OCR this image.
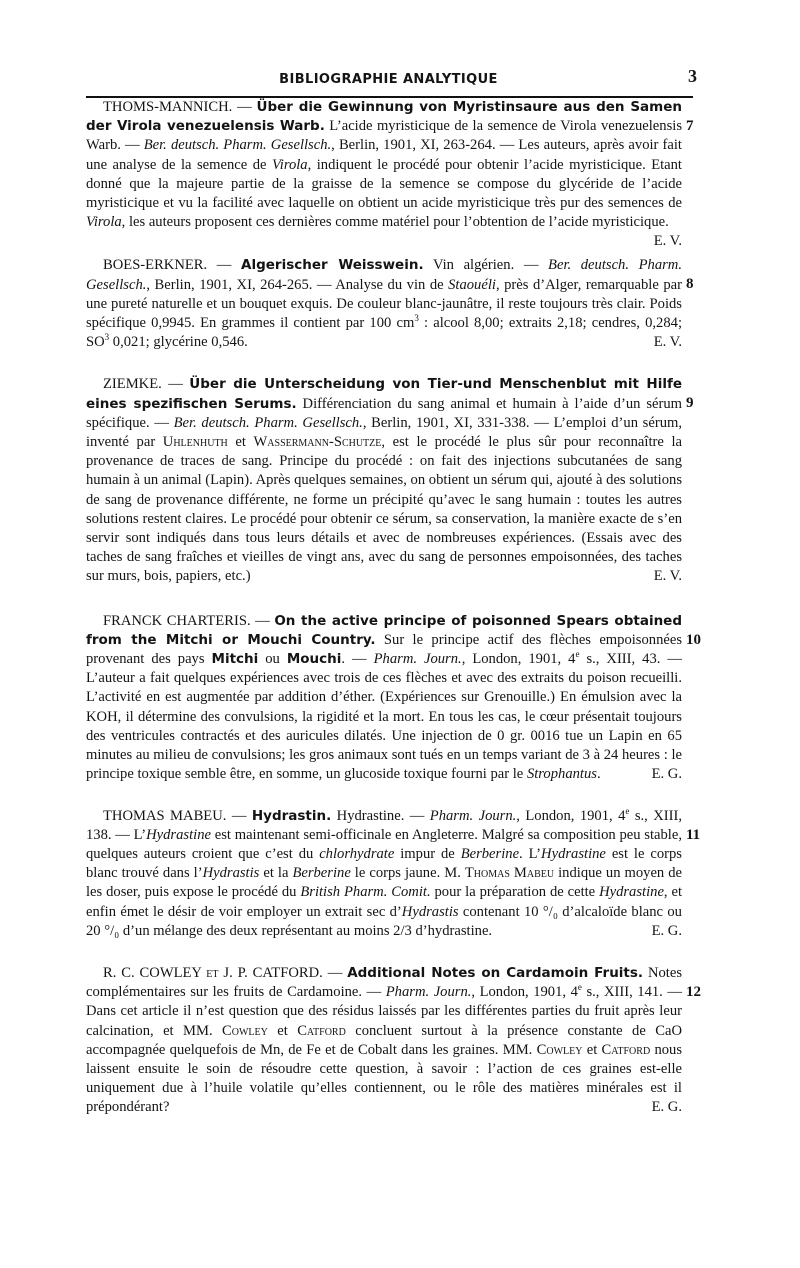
BIBLIOGRAPHIE ANALYTIQUE	3
7

THOMS-MANNICH. — Über die Gewinnung von Myristinsaure aus den Samen der Virola venezuelensis Warb. L’acide myristicique de la semence de Virola venezuelensis Warb. — Ber. deutsch. Pharm. Gesellsch., Berlin, 1901, XI, 263-264. — Les auteurs, après avoir fait une analyse de la semence de Virola, indiquent le procédé pour obtenir l’acide myristicique. Etant donné que la majeure partie de la graisse de la semence se compose du glycéride de l’acide myristicique et vu la facilité avec laquelle on obtient un acide myristicique très pur des semences de Virola, les auteurs proposent ces dernières comme matériel pour l’obtention de l’acide myristicique.
E. V.

8

BOES-ERKNER. — Algerischer Weisswein. Vin algérien. — Ber. deutsch. Pharm. Gesellsch., Berlin, 1901, XI, 264-265. — Analyse du vin de Staouéli, près d’Alger, remarquable par une pureté naturelle et un bouquet exquis. De couleur blanc-jaunâtre, il reste toujours très clair. Poids spécifique 0,9945. En grammes il contient par 100 $cm^3$ : alcool 8,00; extraits 2,18; cendres, 0,284; $SO^3$ 0,021; glycérine 0,546.	E. V.

9

ZIEMKE. — Über die Unterscheidung von Tier-und Menschenblut mit Hilfe eines spezifischen Serums. Différenciation du sang animal et humain à l’aide d’un sérum spécifique. — Ber. deutsch. Pharm. Gesellsch., Berlin, 1901, XI, 331-338. — L’emploi d’un sérum, inventé par Uhlenhuth et Wassermann-Schutze, est le procédé le plus sûr pour reconnaître la provenance de traces de sang. Principe du procédé : on fait des injections subcutanées de sang humain à un animal (Lapin). Après quelques semaines, on obtient un sérum qui, ajouté à des solutions de sang de provenance différente, ne forme un précipité qu’avec le sang humain : toutes les autres solutions restent claires. Le procédé pour obtenir ce sérum, sa conservation, la manière exacte de s’en servir sont indiqués dans tous leurs détails et avec de nombreuses expériences. (Essais avec des taches de sang fraîches et vieilles de vingt ans, avec du sang de personnes empoisonnées, des taches sur murs, bois, papiers, etc.)	E. V.

10

FRANCK CHARTERIS. — On the active principe of poisonned Spears obtained from the Mitchi or Mouchi Country. Sur le principe actif des flèches empoisonnées provenant des pays Mitchi ou Mouchi. — Pharm. Journ., London, 1901, 4e s., XIII, 43. — L’auteur a fait quelques expériences avec trois de ces flèches et avec des extraits du poison recueilli. L’activité en est augmentée par addition d’éther. (Expériences sur Grenouille.) En émulsion avec la KOH, il détermine des convulsions, la rigidité et la mort. En tous les cas, le cœur présentait toujours des ventricules contractés et des auricules dilatés. Une injection de 0 gr. 0016 tue un Lapin en 65 minutes au milieu de convulsions; les gros animaux sont tués en un temps variant de 3 à 24 heures : le principe toxique semble être, en somme, un glucoside toxique fourni par le Strophantus.	E. G.

11

THOMAS MABEU. — Hydrastin. Hydrastine. — Pharm. Journ., London, 1901, 4e s., XIII, 138. — L’Hydrastine est maintenant semi-officinale en Angleterre. Malgré sa composition peu stable, quelques auteurs croient que c’est du chlorhydrate impur de Berberine. L’Hydrastine est le corps blanc trouvé dans l’Hydrastis et la Berberine le corps jaune. M. Thomas Mabeu indique un moyen de les doser, puis expose le procédé du British Pharm. Comit. pour la préparation de cette Hydrastine, et enfin émet le désir de voir employer un extrait sec d’Hydrastis contenant 10 °/₀ d’alcaloïde blanc ou 20 °/₀ d’un mélange des deux représentant au moins 2/3 d’hydrastine.	E. G.

12

R. C. COWLEY et J. P. CATFORD. — Additional Notes on Cardamoin Fruits. Notes complémentaires sur les fruits de Cardamoine. — Pharm. Journ., London, 1901, 4e s., XIII, 141. — Dans cet article il n’est question que des résidus laissés par les différentes parties du fruit après leur calcination, et MM. Cowley et Catford concluent surtout à la présence constante de CaO accompagnée quelquefois de Mn, de Fe et de Cobalt dans les graines. MM. Cowley et Catford nous laissent ensuite le soin de résoudre cette question, à savoir : l’action de ces graines est-elle uniquement due à l’huile volatile qu’elles contiennent, ou le rôle des matières minérales est il prépondérant?	E. G.
